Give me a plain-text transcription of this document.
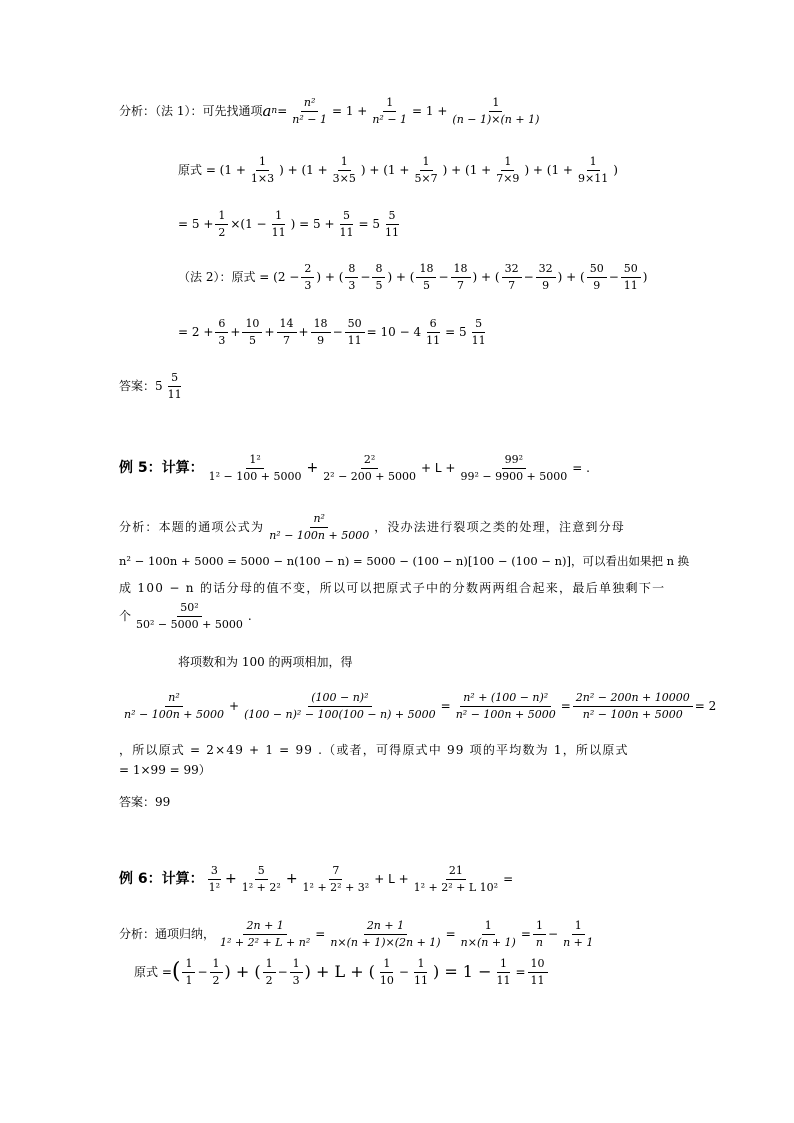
分析：（法 1）：可先找通项 a $n = \frac{\text{n²}}{\text{n² − 1}} = 1 + \frac{1}{\text{n² − 1}} = 1 + \frac{1}{(n - 1)\times(n + 1)}$
原式 = ($1 + \frac{1}{1\times 3}$ ) + ($1 + \frac{1}{3\times 5}$ ) + ($1 + \frac{1}{5\times 7}$ ) + ($1 + \frac{1}{7\times 9}$ ) + ($1 + \frac{1}{9\times 11}$ )
= $5 + \frac{1}{2} \times(1 - \frac{1}{11}$ ) = $5 + \frac{5}{11} = 5 \frac{5}{11}$
（法 2）：原式 = ($2 - \frac{2}{3}$ ) + ( $\frac{8}{3} - \frac{8}{5}$ ) + ( $\frac{18}{5} - \frac{18}{7}$ ) + ( $\frac{32}{7} - \frac{32}{9}$ ) + ( $\frac{50}{9} - \frac{50}{11}$ )
= $2 + \frac{6}{3} + \frac{10}{5} + \frac{14}{7} + \frac{18}{9} - \frac{50}{11} = 10 - 4 \frac{6}{11} = 5 \frac{5}{11}$
答案： $5 \frac{5}{11}$
例 5：计算： $\frac{\text{1²}}{\text{1² − 100 + 5000}} + \frac{\text{2²}}{\text{2² − 200 + 5000}} + L + \frac{\text{99²}}{\text{99² − 9900 + 5000}}$ = .
分析：本题的通项公式为 $\frac{\text{n²}}{\text{n² − 100n + 5000}}$ ，没办法进行裂项之类的处理，注意到分母
n² − 100n + 5000 = 5000 − n(100 − n) = 5000 − (100 − n)[100 − (100 − n)]，可以看出如果把 n 换
成 100 − n 的话分母的值不变，所以可以把原式子中的分数两两组合起来，最后单独剩下一
个 $\frac{\text{50²}}{\text{50² − 5000 + 5000}}$ .
将项数和为 100 的两项相加，得
$\frac{\text{n²}}{\text{n² − 100n + 5000}} + \frac{\text{(100 − n)²}}{\text{(100 − n)² − 100(100 − n) + 5000}} = \frac{\text{n² + (100 − n)²}}{\text{n² − 100n + 5000}} = \frac{\text{2n² − 200n + 10000}}{\text{n² − 100n + 5000}} = 2$
，所以原式 = 2×49 + 1 = 99 .（或者，可得原式中 99 项的平均数为 1，所以原式
= 1×99 = 99）
答案： 99
例 6：计算： $\frac{3}{\text{1²}} + \frac{5}{\text{1² + 2²}} + \frac{7}{\text{1² + 2² + 3²}} + L + \frac{21}{\text{1² + 2² + L 10²}}$ =
分析：通项归纳， $\frac{2n + 1}{\text{1² + 2² + L + n²}} = \frac{2n + 1}{n\times(n + 1)\times(2n + 1)} = \frac{1}{n\times(n + 1)} = \frac{1}{n} - \frac{1}{n + 1}$
原式 = ( $\frac{1}{1} - \frac{1}{2}$ ) + ( $\frac{1}{2} - \frac{1}{3}$ ) + L + ( $\frac{1}{10} - \frac{1}{11}$ ) = $1 - \frac{1}{11} = \frac{10}{11}$
